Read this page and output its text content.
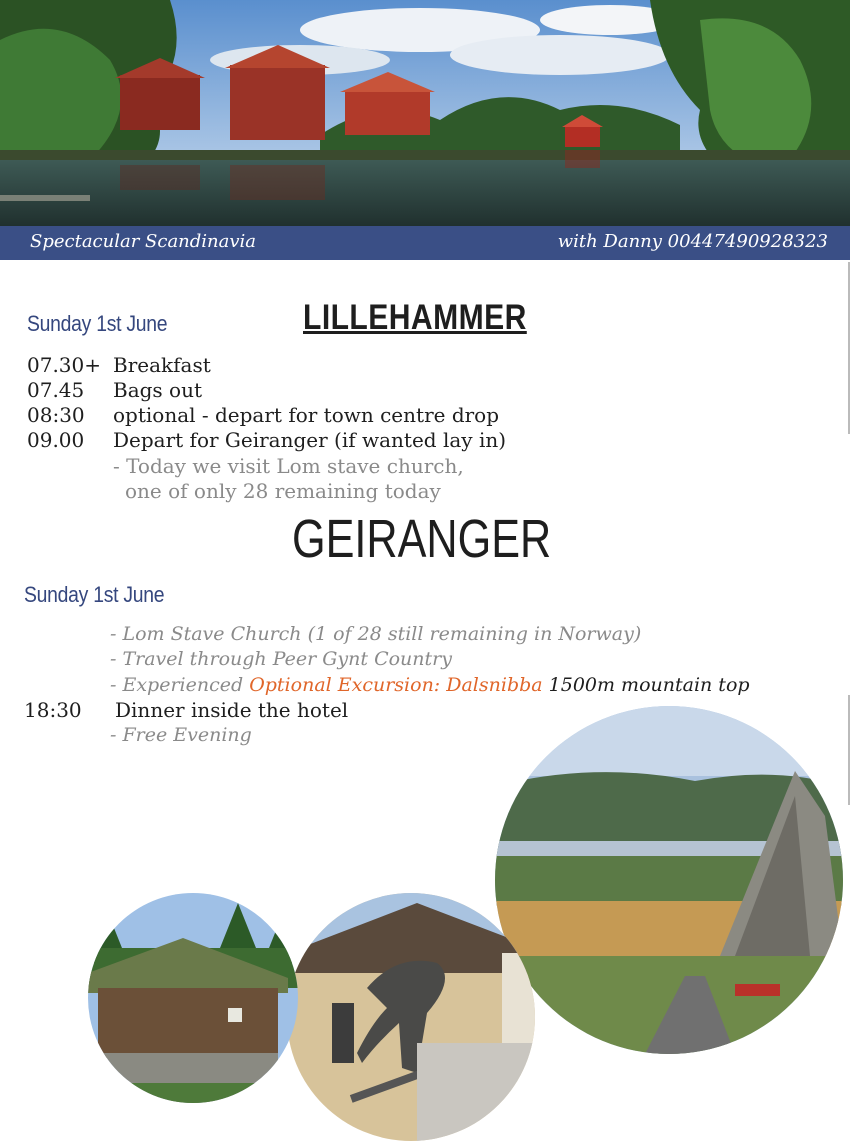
Spectacular Scandinavia	with Danny 00447490928323
Sunday 1st June	LILLEHAMMER
07.30+ Breakfast
07.45 Bags out
08:30 optional - depart for town centre drop
09.00 Depart for Geiranger (if wanted lay in)
- Today we visit Lom stave church,
one of only 28 remaining today
GEIRANGER
Sunday 1st June
- Lom Stave Church (1 of 28 still remaining in Norway)
- Travel through Peer Gynt Country
- Experienced Optional Excursion: Dalsnibba 1500m mountain top
18:30 Dinner inside the hotel
- Free Evening
